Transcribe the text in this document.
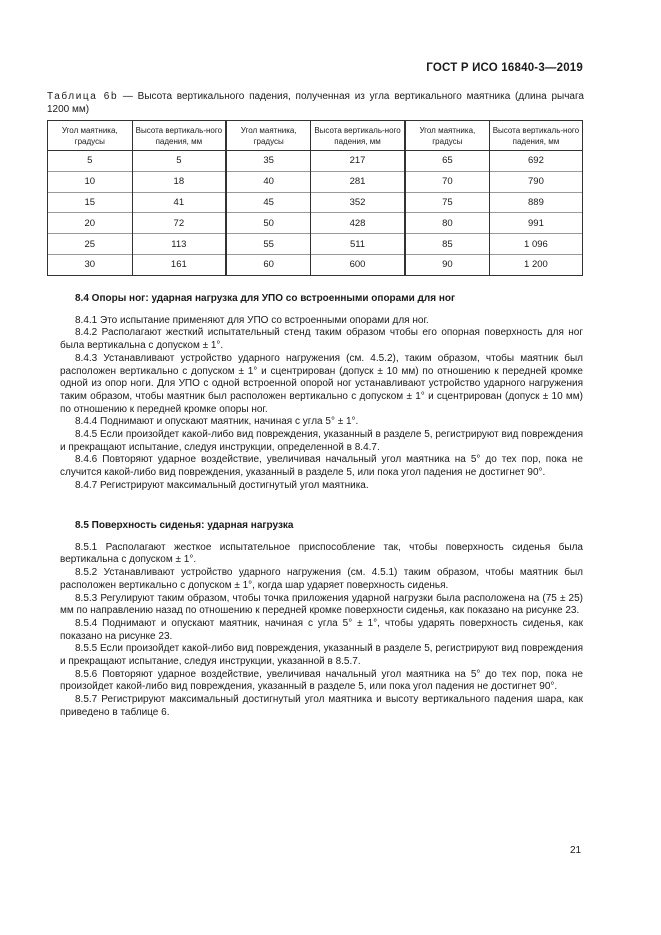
ГОСТ Р ИСО 16840-3—2019
Таблица 6b — Высота вертикального падения, полученная из угла вертикального маятника (длина рычага 1200 мм)
Угол маятника, градусы	Высота вертикаль-ного падения, мм	Угол маятника, градусы	Высота вертикаль-ного падения, мм	Угол маятника, градусы	Высота вертикаль-ного падения, мм
5	5	35	217	65	692
10	18	40	281	70	790
15	41	45	352	75	889
20	72	50	428	80	991
25	113	55	511	85	1 096
30	161	60	600	90	1 200
8.4 Опоры ног: ударная нагрузка для УПО со встроенными опорами для ног

8.4.1 Это испытание применяют для УПО со встроенными опорами для ног.

8.4.2 Располагают жесткий испытательный стенд таким образом чтобы его опорная поверхность для ног была вертикальна с допуском ± 1°.

8.4.3 Устанавливают устройство ударного нагружения (см. 4.5.2), таким образом, чтобы маятник был расположен вертикально с допуском ± 1° и сцентрирован (допуск ± 10 мм) по отношению к передней кромке одной из опор ноги. Для УПО с одной встроенной опорой ног устанавливают устройство ударного нагружения таким образом, чтобы маятник был расположен вертикально с допуском ± 1° и сцентрирован (допуск ± 10 мм) по отношению к передней кромке опоры ног.

8.4.4 Поднимают и опускают маятник, начиная с угла 5° ± 1°.

8.4.5 Если произойдет какой-либо вид повреждения, указанный в разделе 5, регистрируют вид повреждения и прекращают испытание, следуя инструкции, определенной в 8.4.7.

8.4.6 Повторяют ударное воздействие, увеличивая начальный угол маятника на 5° до тех пор, пока не случится какой-либо вид повреждения, указанный в разделе 5, или пока угол падения не достигнет 90°.

8.4.7 Регистрируют максимальный достигнутый угол маятника.

8.5 Поверхность сиденья: ударная нагрузка

8.5.1 Располагают жесткое испытательное приспособление так, чтобы поверхность сиденья была вертикальна с допуском ± 1°.

8.5.2 Устанавливают устройство ударного нагружения (см. 4.5.1) таким образом, чтобы маятник был расположен вертикально с допуском ± 1°, когда шар ударяет поверхность сиденья.

8.5.3 Регулируют таким образом, чтобы точка приложения ударной нагрузки была расположена на (75 ± 25) мм по направлению назад по отношению к передней кромке поверхности сиденья, как показано на рисунке 23.

8.5.4 Поднимают и опускают маятник, начиная с угла 5° ± 1°, чтобы ударять поверхность сиденья, как показано на рисунке 23.

8.5.5 Если произойдет какой-либо вид повреждения, указанный в разделе 5, регистрируют вид повреждения и прекращают испытание, следуя инструкции, указанной в 8.5.7.

8.5.6 Повторяют ударное воздействие, увеличивая начальный угол маятника на 5° до тех пор, пока не произойдет какой-либо вид повреждения, указанный в разделе 5, или пока угол падения не достигнет 90°.

8.5.7 Регистрируют максимальный достигнутый угол маятника и высоту вертикального падения шара, как приведено в таблице 6.

21
